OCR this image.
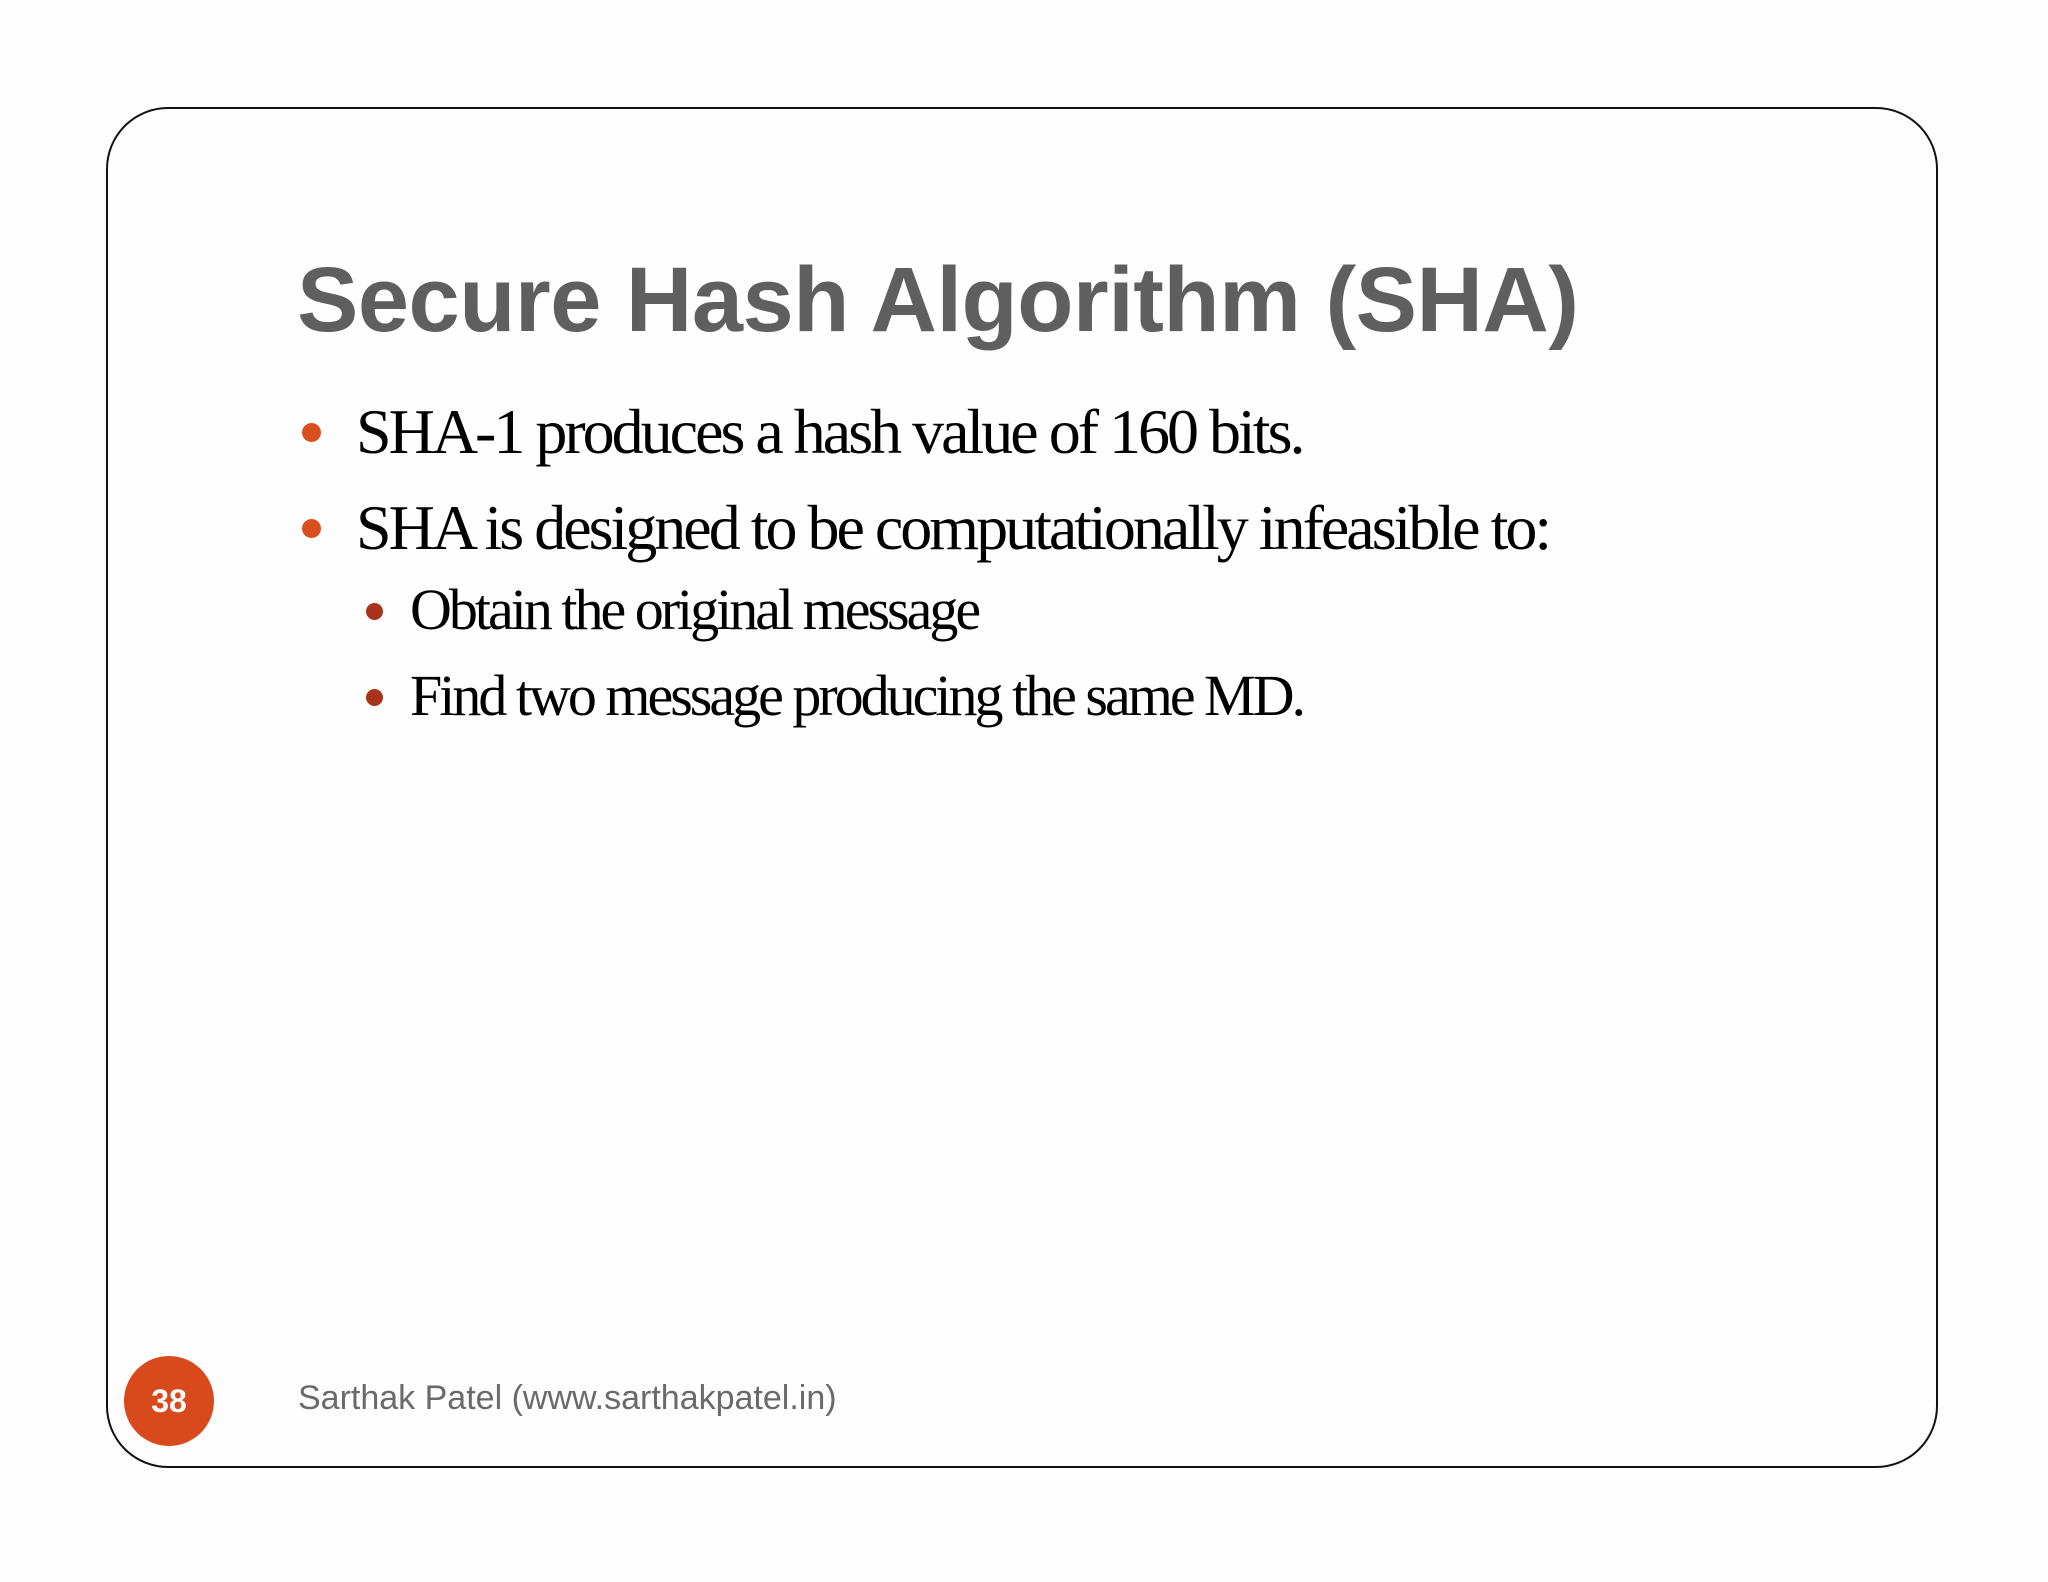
Secure Hash Algorithm (SHA)
SHA-1 produces a hash value of 160 bits.
SHA is designed to be computationally infeasible to:
Obtain the original message
Find two message producing the same MD.
38	Sarthak Patel (www.sarthakpatel.in)
